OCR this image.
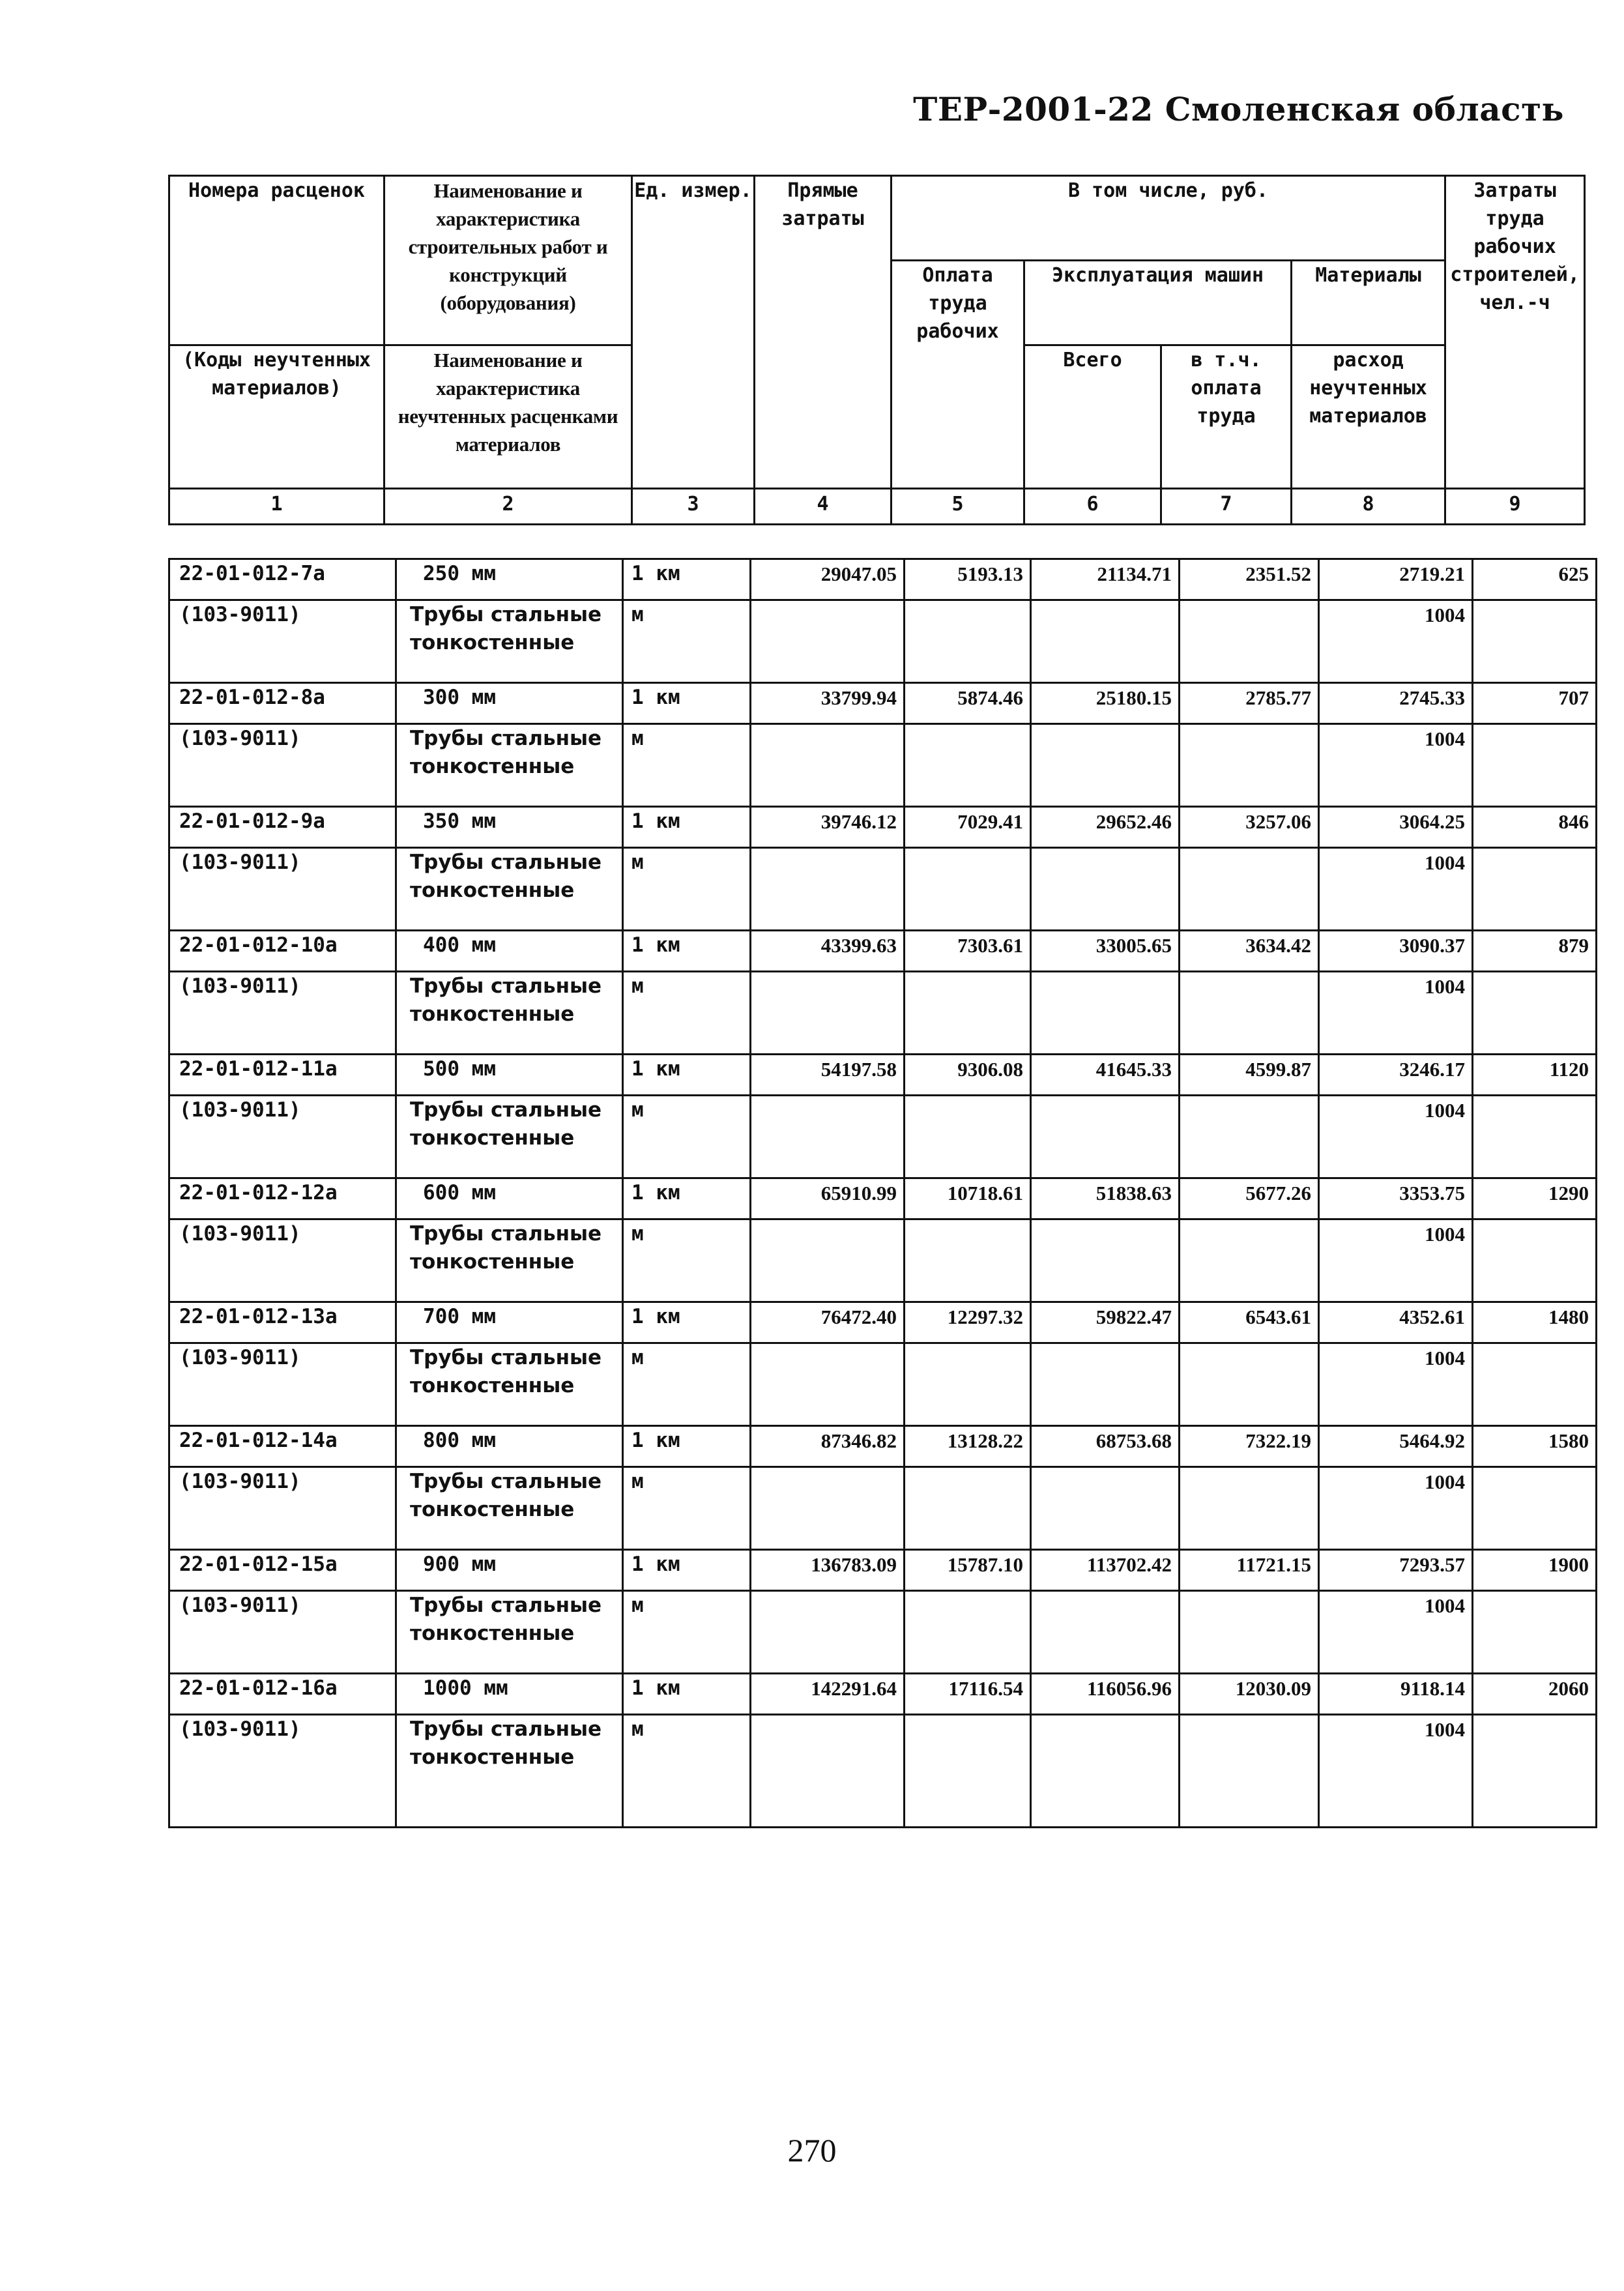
ТЕР-2001-22 Смоленская область
Номера расценок	Наименование и характеристика строительных работ и конструкций (оборудования)	Ед. измер.	Прямые затраты	В том числе, руб.				Затраты труда рабочих строителей, чел.-ч
				Оплата труда рабочих	Эксплуатация машин		Материалы	
(Коды неучтенных материалов)	Наименование и характеристика неучтенных расценками материалов				Всего	в т.ч. оплата труда	расход неучтенных материалов	

1	2	3	4	5	6	7	8	9
22-01-012-7а	250 мм	1 км	29047.05	5193.13	21134.71	2351.52	2719.21	625
(103-9011)	Трубы стальные тонкостенные	м					1004	
22-01-012-8а	300 мм	1 км	33799.94	5874.46	25180.15	2785.77	2745.33	707
(103-9011)	Трубы стальные тонкостенные	м					1004	
22-01-012-9а	350 мм	1 км	39746.12	7029.41	29652.46	3257.06	3064.25	846
(103-9011)	Трубы стальные тонкостенные	м					1004	
22-01-012-10а	400 мм	1 км	43399.63	7303.61	33005.65	3634.42	3090.37	879
(103-9011)	Трубы стальные тонкостенные	м					1004	
22-01-012-11а	500 мм	1 км	54197.58	9306.08	41645.33	4599.87	3246.17	1120
(103-9011)	Трубы стальные тонкостенные	м					1004	
22-01-012-12а	600 мм	1 км	65910.99	10718.61	51838.63	5677.26	3353.75	1290
(103-9011)	Трубы стальные тонкостенные	м					1004	
22-01-012-13а	700 мм	1 км	76472.40	12297.32	59822.47	6543.61	4352.61	1480
(103-9011)	Трубы стальные тонкостенные	м					1004	
22-01-012-14а	800 мм	1 км	87346.82	13128.22	68753.68	7322.19	5464.92	1580
(103-9011)	Трубы стальные тонкостенные	м					1004	
22-01-012-15а	900 мм	1 км	136783.09	15787.10	113702.42	11721.15	7293.57	1900
(103-9011)	Трубы стальные тонкостенные	м					1004	
22-01-012-16а	1000 мм	1 км	142291.64	17116.54	116056.96	12030.09	9118.14	2060
(103-9011)	Трубы стальные тонкостенные	м					1004	
270
